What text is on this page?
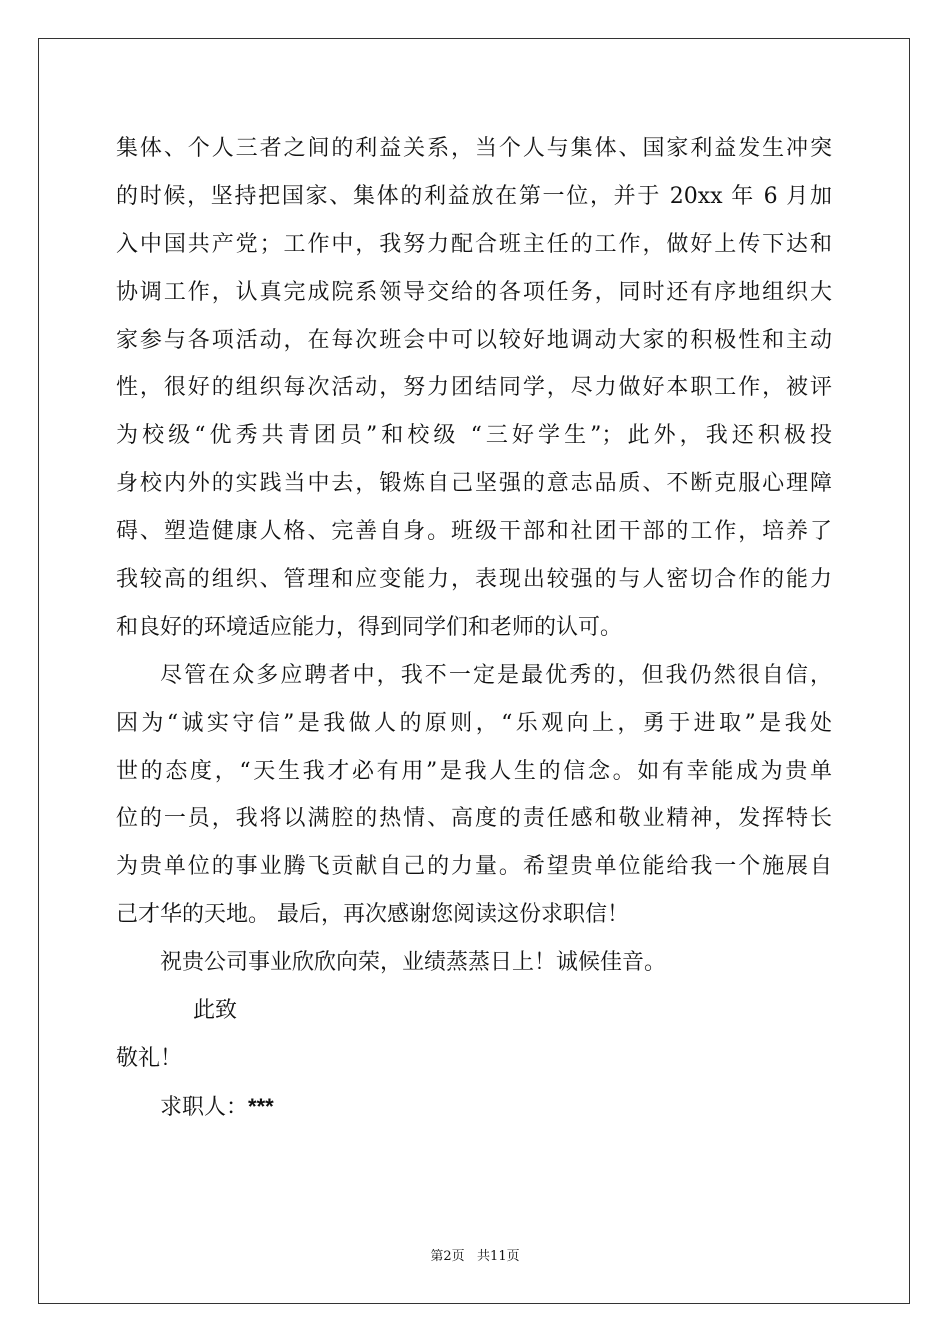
集体、个人三者之间的利益关系，当个人与集体、国家利益发生冲突
的时候，坚持把国家、集体的利益放在第一位，并于 20xx 年 6 月加
入中国共产党；工作中，我努力配合班主任的工作，做好上传下达和
协调工作，认真完成院系领导交给的各项任务，同时还有序地组织大
家参与各项活动，在每次班会中可以较好地调动大家的积极性和主动
性，很好的组织每次活动，努力团结同学，尽力做好本职工作，被评
为校级“优秀共青团员”和校级 “三好学生”；此外，我还积极投
身校内外的实践当中去，锻炼自己坚强的意志品质、不断克服心理障
碍、塑造健康人格、完善自身。班级干部和社团干部的工作，培养了
我较高的组织、管理和应变能力，表现出较强的与人密切合作的能力
和良好的环境适应能力，得到同学们和老师的认可。
尽管在众多应聘者中，我不一定是最优秀的，但我仍然很自信，
因为“诚实守信”是我做人的原则，“乐观向上，勇于进取”是我处
世的态度，“天生我才必有用”是我人生的信念。如有幸能成为贵单
位的一员，我将以满腔的热情、高度的责任感和敬业精神，发挥特长
为贵单位的事业腾飞贡献自己的力量。希望贵单位能给我一个施展自
己才华的天地。 最后，再次感谢您阅读这份求职信！
祝贵公司事业欣欣向荣，业绩蒸蒸日上！诚候佳音。
此致
敬礼！
求职人：***
第2页   共11页
